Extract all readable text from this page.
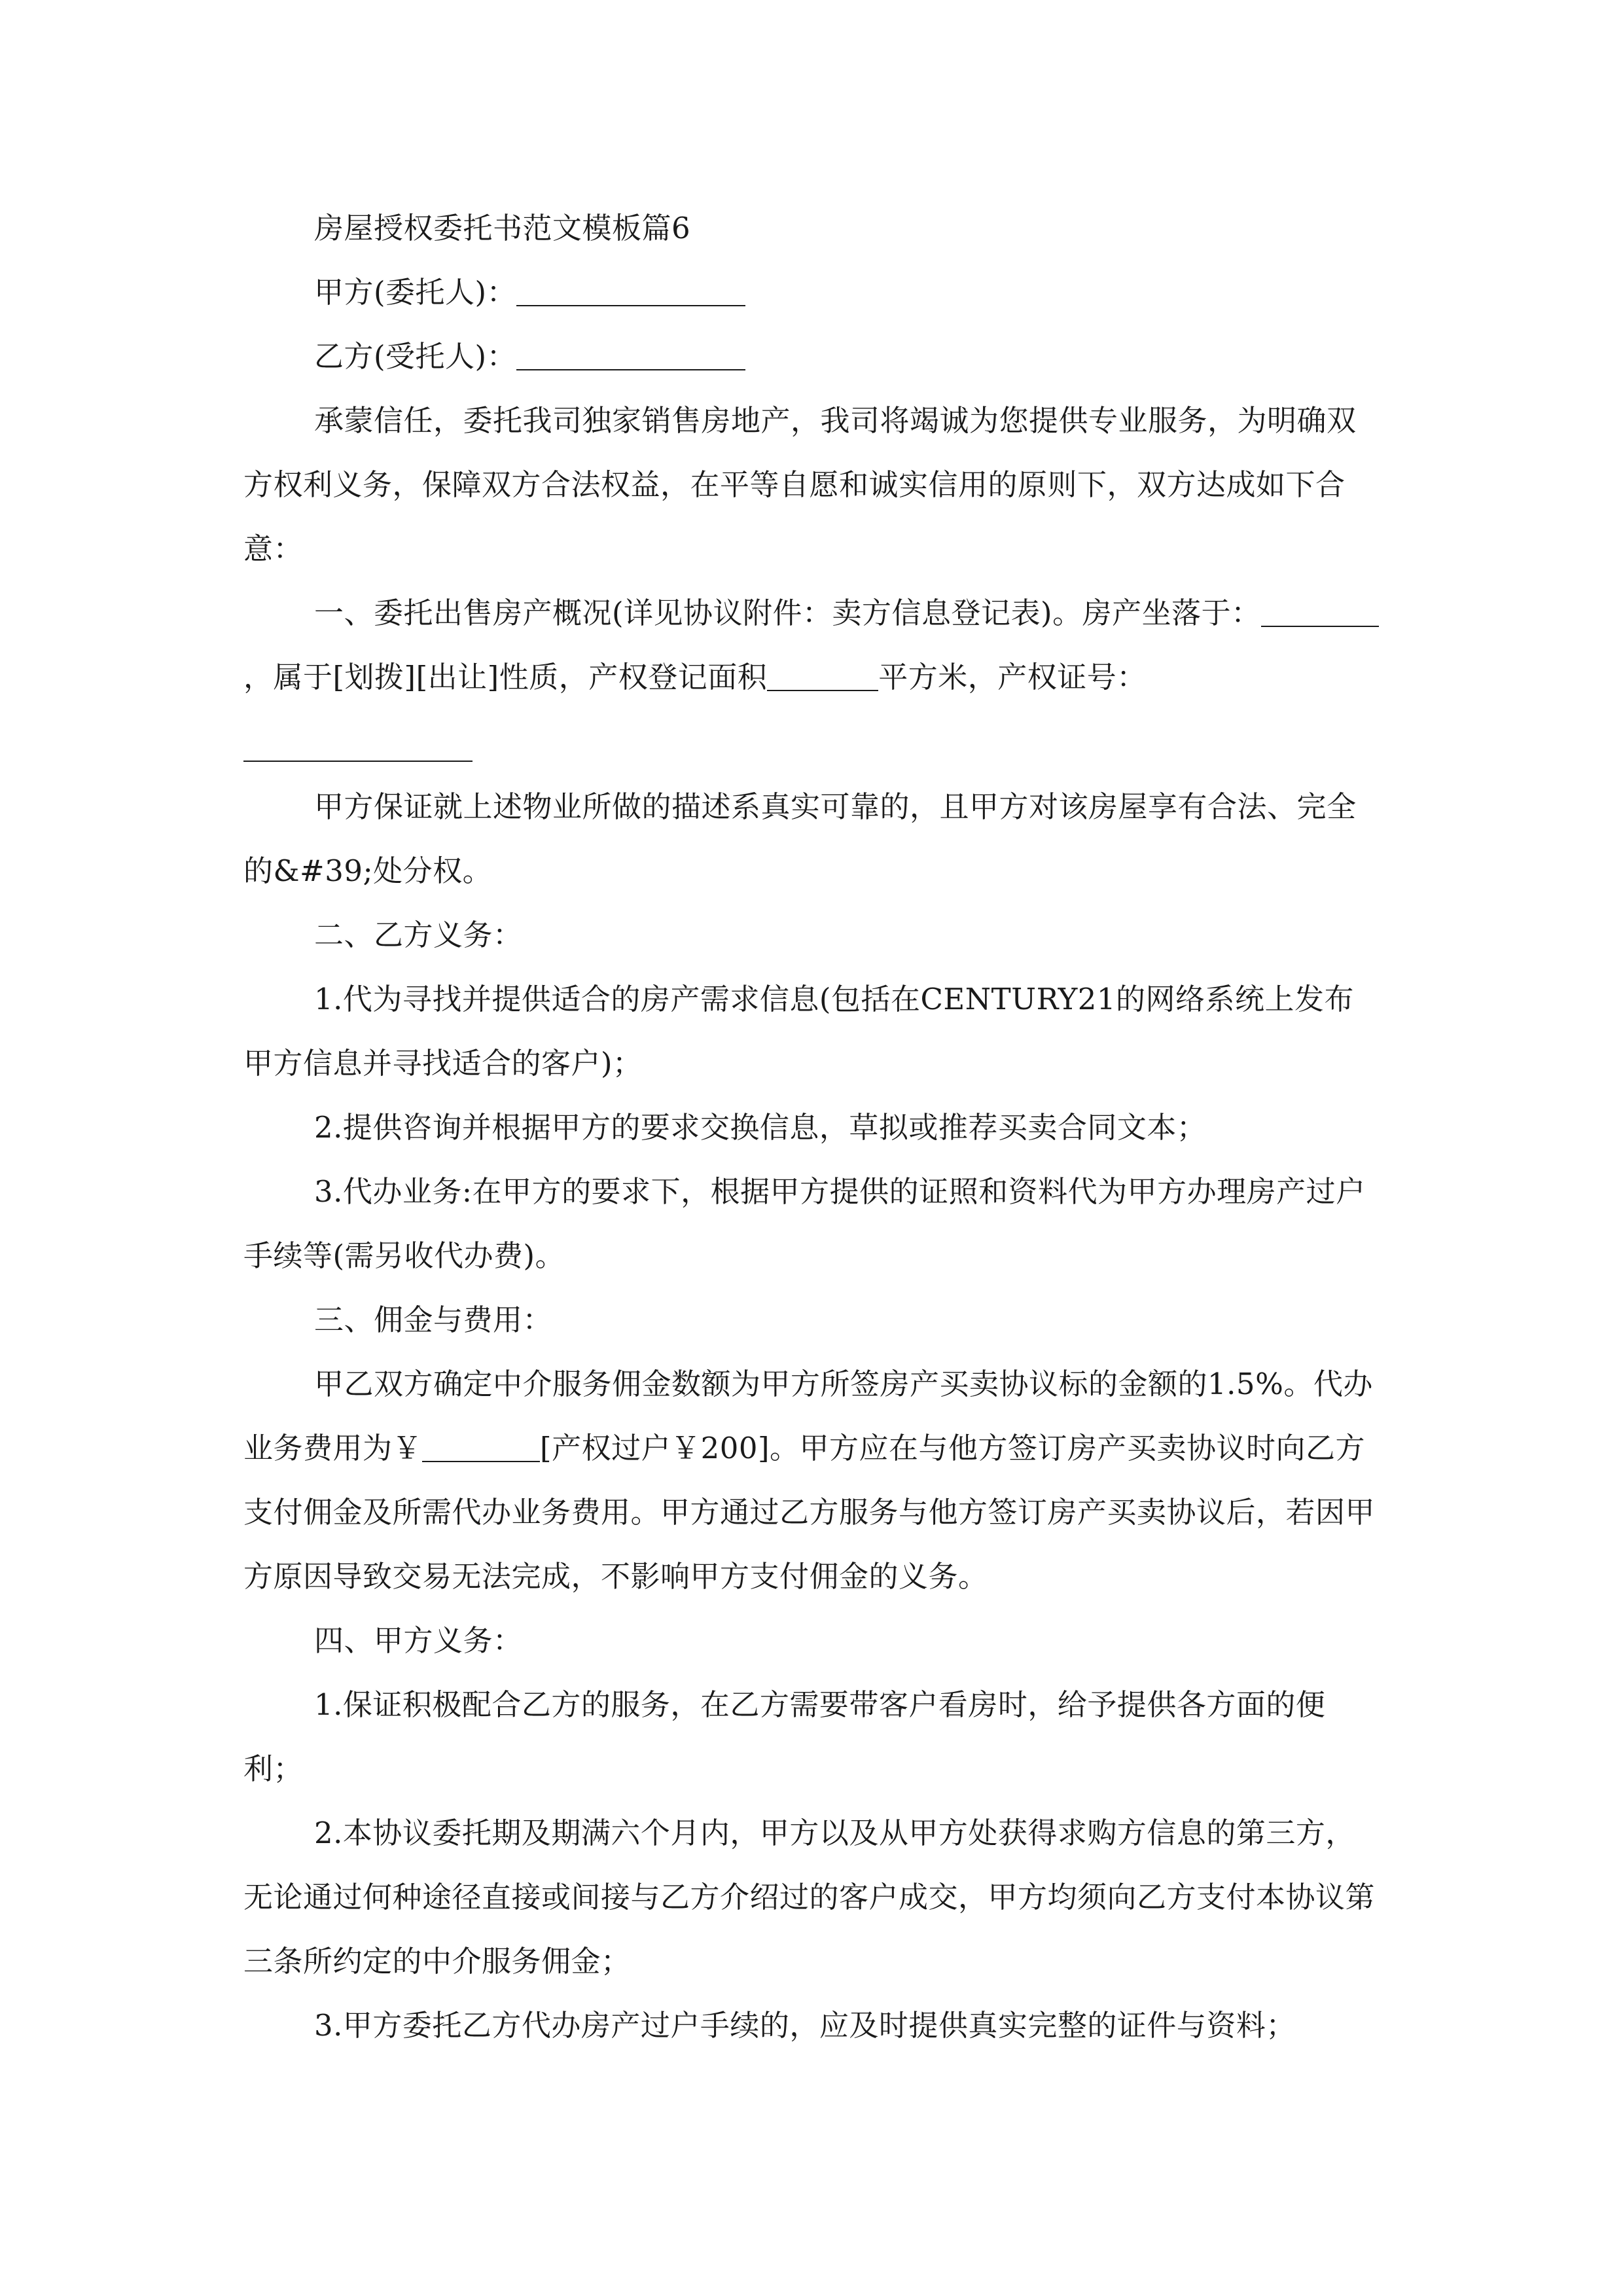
房屋授权委托书范文模板篇6

甲方(委托人)：

乙方(受托人)：

承蒙信任，委托我司独家销售房地产，我司将竭诚为您提供专业服务，为明确双方权利义务，保障双方合法权益，在平等自愿和诚实信用的原则下，双方达成如下合意：

一、委托出售房产概况(详见协议附件：卖方信息登记表)。房产坐落于：，属于[划拨][出让]性质，产权登记面积	平方米，产权证号：

甲方保证就上述物业所做的描述系真实可靠的，且甲方对该房屋享有合法、完全的&#39;处分权。

二、乙方义务：

1.代为寻找并提供适合的房产需求信息(包括在CENTURY21的网络系统上发布甲方信息并寻找适合的客户)；

2.提供咨询并根据甲方的要求交换信息，草拟或推荐买卖合同文本；

3.代办业务:在甲方的要求下，根据甲方提供的证照和资料代为甲方办理房产过户手续等(需另收代办费)。

三、佣金与费用：

甲乙双方确定中介服务佣金数额为甲方所签房产买卖协议标的金额的1.5%。代办业务费用为￥	[产权过户￥200]。甲方应在与他方签订房产买卖协议时向乙方支付佣金及所需代办业务费用。甲方通过乙方服务与他方签订房产买卖协议后，若因甲方原因导致交易无法完成，不影响甲方支付佣金的义务。

四、甲方义务：

1.保证积极配合乙方的服务，在乙方需要带客户看房时，给予提供各方面的便利；

2.本协议委托期及期满六个月内，甲方以及从甲方处获得求购方信息的第三方，无论通过何种途径直接或间接与乙方介绍过的客户成交，甲方均须向乙方支付本协议第三条所约定的中介服务佣金；

3.甲方委托乙方代办房产过户手续的，应及时提供真实完整的证件与资料；
